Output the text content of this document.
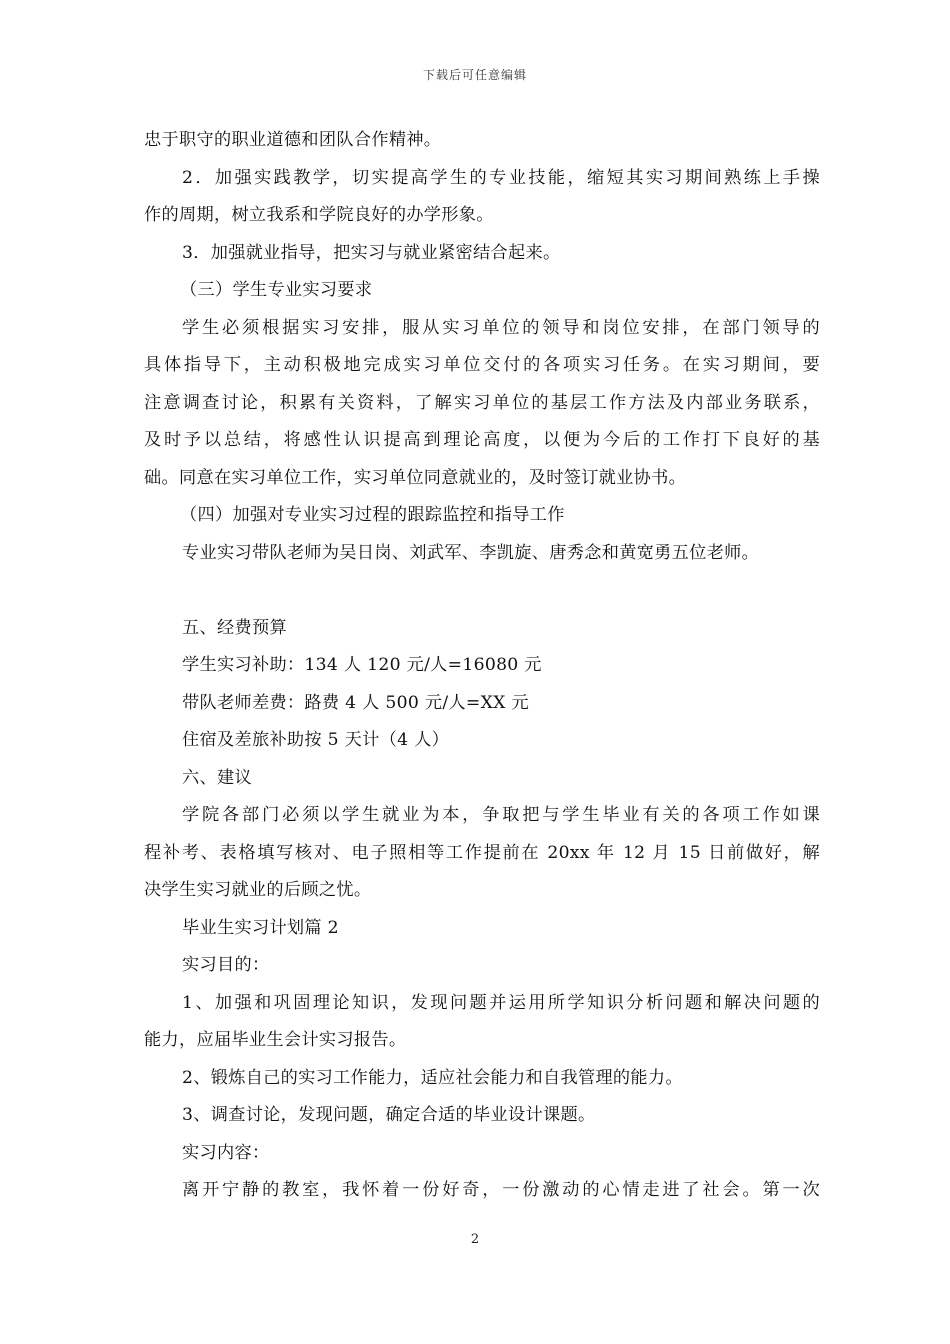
下载后可任意编辑
忠于职守的职业道德和团队合作精神。
2．加强实践教学，切实提高学生的专业技能，缩短其实习期间熟练上手操
作的周期，树立我系和学院良好的办学形象。
3．加强就业指导，把实习与就业紧密结合起来。
（三）学生专业实习要求
学生必须根据实习安排，服从实习单位的领导和岗位安排，在部门领导的
具体指导下，主动积极地完成实习单位交付的各项实习任务。在实习期间，要
注意调查讨论，积累有关资料，了解实习单位的基层工作方法及内部业务联系，
及时予以总结，将感性认识提高到理论高度，以便为今后的工作打下良好的基
础。同意在实习单位工作，实习单位同意就业的，及时签订就业协书。
（四）加强对专业实习过程的跟踪监控和指导工作
专业实习带队老师为吴日岗、刘武军、李凯旋、唐秀念和黄宽勇五位老师。
五、经费预算
学生实习补助：134 人 120 元/人=16080 元
带队老师差费：路费 4 人 500 元/人=XX 元
住宿及差旅补助按 5 天计（4 人）
六、建议
学院各部门必须以学生就业为本，争取把与学生毕业有关的各项工作如课
程补考、表格填写核对、电子照相等工作提前在 20xx 年 12 月 15 日前做好，解
决学生实习就业的后顾之忧。
毕业生实习计划篇 2
实习目的：
1、加强和巩固理论知识，发现问题并运用所学知识分析问题和解决问题的
能力，应届毕业生会计实习报告。
2、锻炼自己的实习工作能力，适应社会能力和自我管理的能力。
3、调查讨论，发现问题，确定合适的毕业设计课题。
实习内容：
离开宁静的教室，我怀着一份好奇，一份激动的心情走进了社会。第一次
2
